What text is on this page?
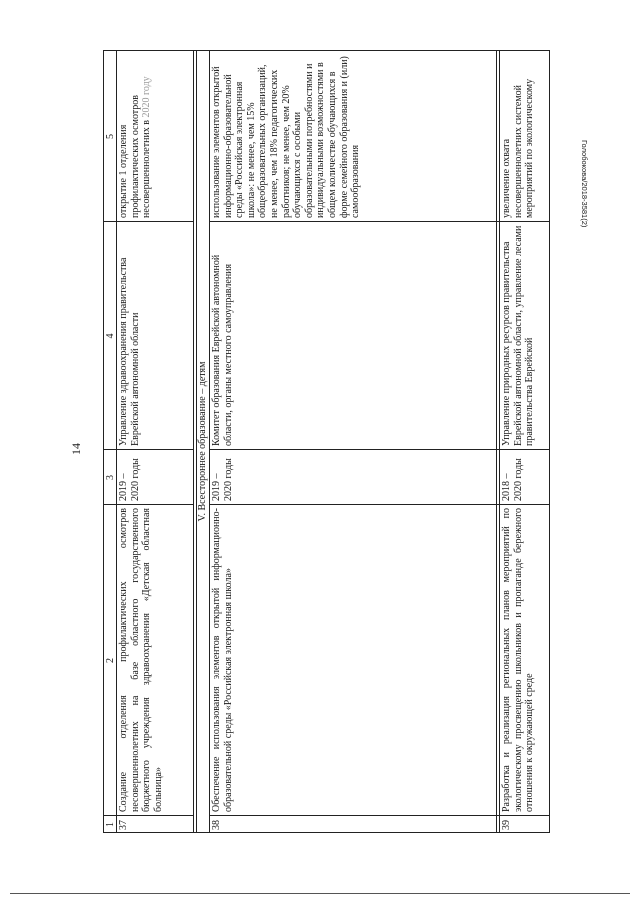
14
Голобокова/2018-3581(2)
1
2
3
4
5
37
Создание отделения профилактических осмотров несовершеннолетних на базе областного государственного бюджетного учреждения здравоохранения «Детская областная больница»
2019 – 2020 годы
Управление здравоохранения правительства Еврейской автономной области
открытие 1 отделения профилактических осмотров несовершеннолетних в 2020 году
V. Всестороннее образование – детям
38
Обеспечение использования элементов открытой информационно-образовательной среды «Российская электронная школа»
2019 – 2020 годы
Комитет образования Еврейской автономной области, органы местного самоуправления
использование элементов открытой информационно-образовательной среды «Российская электронная школа»: не менее, чем 15% общеобразовательных организаций, не менее, чем 18% педагогических работников; не менее, чем 20% обучающихся с особыми образовательными потребностями и индивидуальными возможностями в общем количестве обучающихся в форме семейного образования и (или) самообразования
39
Разработка и реализация региональных планов мероприятий по экологическому просвещению школьников и пропаганде бережного отношения к окружающей среде
2018 – 2020 годы
Управление природных ресурсов правительства Еврейской автономной области, управление лесами правительства Еврейской
увеличение охвата несовершеннолетних системой мероприятий по экологическому
